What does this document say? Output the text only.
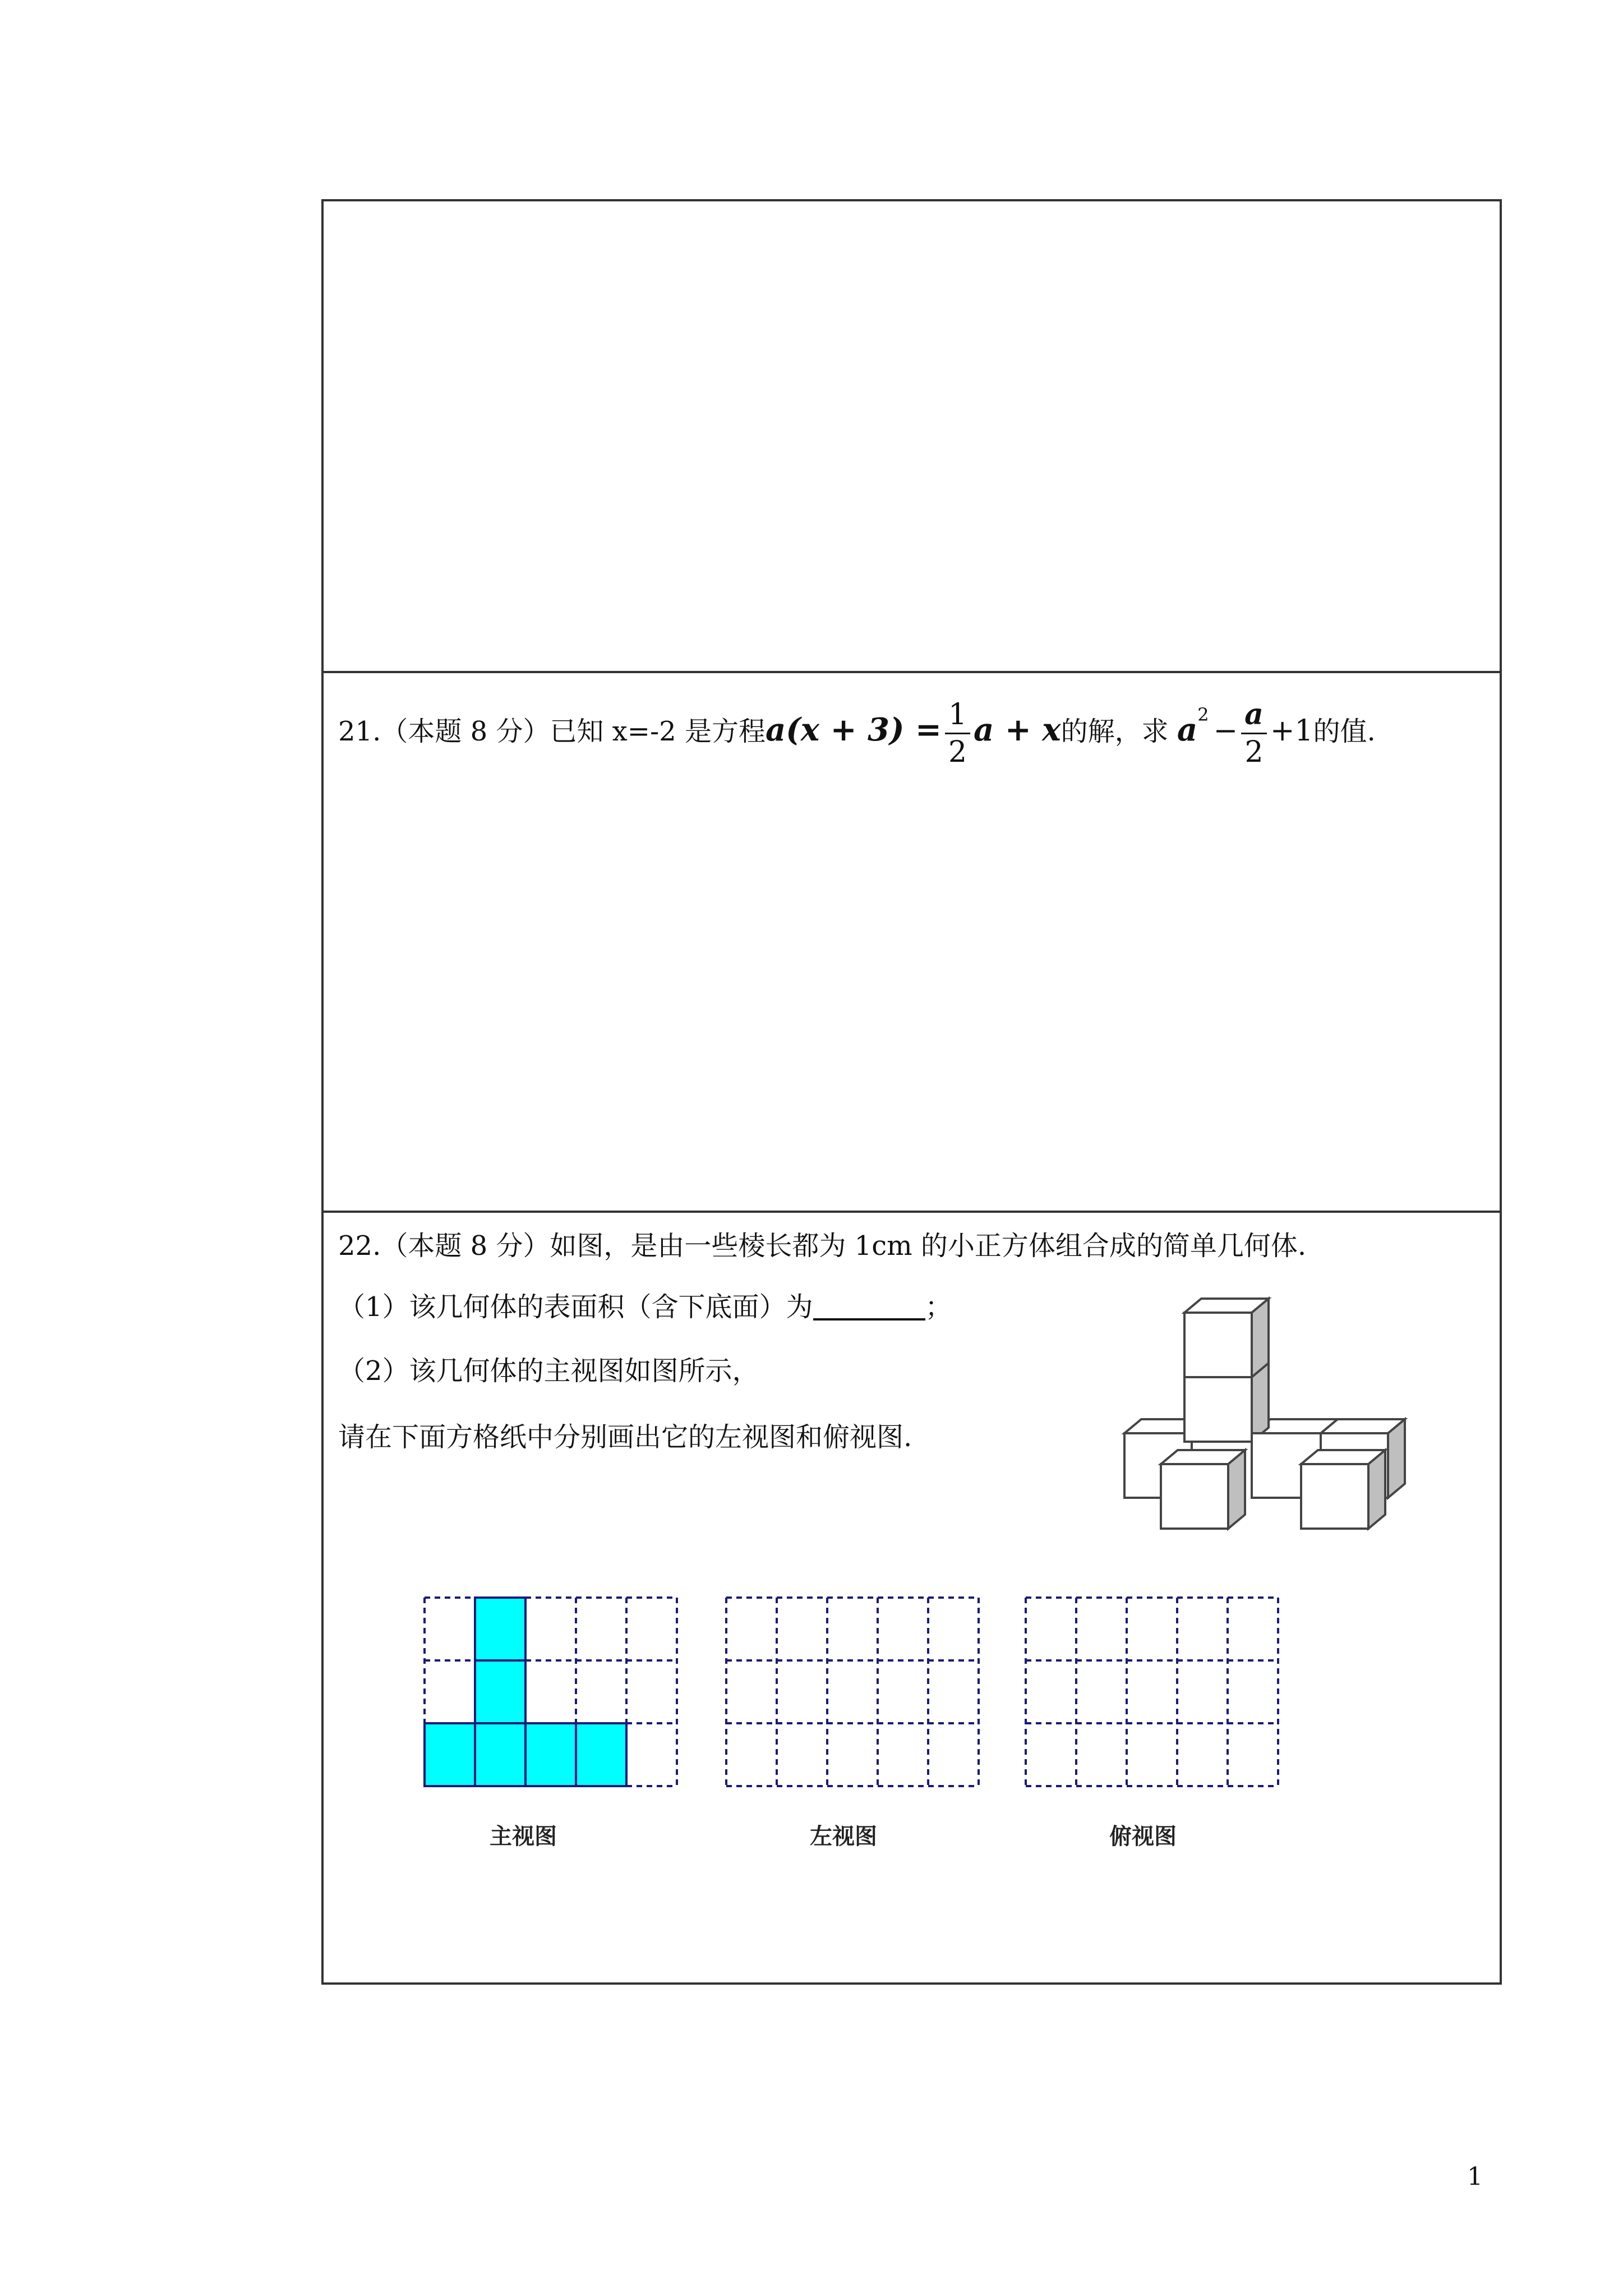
21.（本题 8 分）已知 x=-2 是方程$a(x + 3) = \frac{1}{2}$ a + x的解，求 $a^2 - \frac{a}{2} +1$的值.
22.（本题 8 分）如图，是由一些棱长都为 1cm 的小正方体组合成的简单几何体.
（1）该几何体的表面积（含下底面）为	；
（2）该几何体的主视图如图所示，
请在下面方格纸中分别画出它的左视图和俯视图.
主视图	左视图	俯视图
1
